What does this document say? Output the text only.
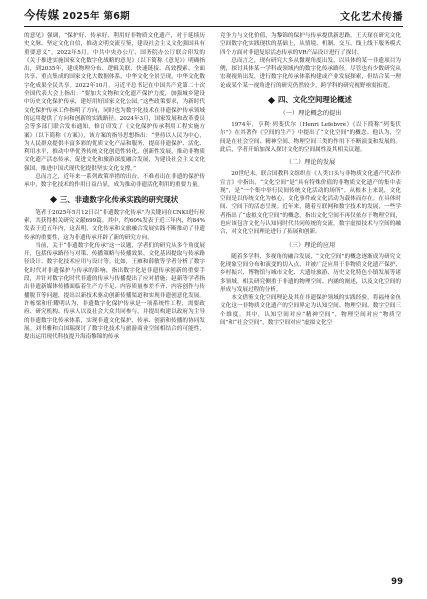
今传媒 2025年 第6期	文化艺术传播

的意见》强调，“保护好、传承好、利用好非物质文化遗产，对于延续历史文脉、坚定文化自信，推动文明交流互鉴，建设社会主义文化强国具有重要意义”。2022年5月，中共中央办公厅、国务院办公厅联合印发的《关于推进实施国家文化数字化战略的意见》（以下简称《意见》）明确指出，到2035年，建成物理分布、逻辑关联、快速链接、高效搜索、全面共享、重点集成的国家文化大数据体系，中华文化全景呈现，中华文化数字化成果全民共享。2022年10月，习近平总书记在中国共产党第二十次全国代表大会上指出：“要加大文物和文化遗产保护力度，加强城乡建设中历史文化保护传承，建好用好国家文化公园。”这些政策要求，为新时代文化保护传承工作指明了方向，同时也为数字化技术在非遗保护传承领域的运用提供了方向和创新的实践路径。2024年3月，国家发展和改革委员会等多部门联合发布通知，修订印发了《文化保护传承利用工程实施方案》（以下简称《方案》），该方案的指导思想指出：“坚持以人民为中心，为人民群众提供丰富多彩的优质文化产品和服务，提高非遗保护、活化、利用水平，推动中华优秀传统文化创造性转化、创新性发展，推动非物质文化遗产活态传承，促进文化和旅游深度融合发展，为建设社会主义文化强国、推进中国式现代化提供坚实文化支撑。”

总而言之，近年来一系列政策举措的出台，不难看出在非遗的保护传承中，数字化技术的作用日益凸显，成为推动非遗活化利用的重要力量。

三、非遗数字化传承实践的研究现状

笔者于2025年5月12日以“非遗数字化传承”为关键词在CNKI进行检索，共获得相关研究文献699篇。其中，约60%发表于近三年内，约84%发表于近五年内，这表明，文化传承和文旅融合发展实践不断推动了非遗传承的重要性，这为非遗传承开辟了新的研究方向。

当前，关于“非遗数字化传承”这一议题，学者们的研究从多个角度展开，包括传承路径与对策、传播策略与传播效果、文化基因提取与传承路径设计、数字化技术应用与设计等。比如，王雁和薛敏等学者分析了数字化时代对非遗保护与传承的影响，指出数字化是非遗传承创新的重要手段，并针对数字化时代非遗的传承与传播提出了应对措施；赵新等学者指出非遗新媒体传播面临着生产力不足、内容质量参差不齐、内容创作与传播脱节等问题，提出以新技术驱动创新传播渠道和实现非遗创意化发展。许栋梁和任耀明认为，非遗数字化保护传承是一项系统性工程，需要政府、研究机构、传承人以及社会大众共同参与，并提出构建以政府为主导的非遗数字化传承体系，实现非遗文化保护、传承、创新和传播的协同发展。刘书雅和白国瑞探讨了数字化技术与旅游商业空间相结合的可能性，提出运用现代科技提升海南黎锦的传承

竞争力与文化价值，为黎锦的保护与传承提供新思路。王天琛在研究文化空间数字化实践现状的基础上，从情境、机制、交互、线上线下服务模式四个方面对非遗复原活态传承的VR产品设计进行了探讨。

总而言之，现有研究大多从微观角度出发，以具体的某一非遗项目为例，探讨具体某一学科或领域内的数字化传承路径。尽管也有少数研究从宏观视角出发，进行数字化传承体系构建或产业发展探索，但结合某一理论或某个某一视角进行的研究仍然较少，跨学科的研究视野亟需拓宽。

四、文化空间理论概述
（一）理论概念的提出

1974年，亨利·列斐伏尔（Henri Lefebvre）《以下简称“列斐伏尔”》在其著作《空间的生产》中提出了“文化空间”的概念。他认为，空间是在社会空间、精神空间、物理空间三类的作用下不断演变和发展的。此后，学者开始加深入探讨文化的空间属性及其相关议题。

（二）理论的发展

20世纪末，联合国教科文组织在《人类口头与非物质文化遗产代表作宣言》中指出，“文化空间”是“具有特殊价值的非物质文化遗产的集中表现”，是“一个集中举行民间传统文化活动的场所”。从根本上来说，文化空间是以传统文化为核心，文化事件或文化活动为载体而存在。在具体时间、空间下的活态呈现。近年来，随着互联网和数字技术的发展，一些学者指出了“虚拟文化空间”的概念，指出文化空间不再仅依存于物理空间，也应该包含文化与认知同时代共同传统的交流，数字虚拟技术与空间的融合，对文化空间理论进行了拓展和创新。

（三）理论的应用

随着多学科、多视角的融合发展，“文化空间”的概念逐渐成为研究文化现象空间分布和演变的切入点，并被广泛应用于非物质文化遗产保护、乡村振兴、博物馆与城市文化、大遗址旅游、历史文化特色小镇发展等诸多领域。相关研究侧重于非遗的物理空间、内涵的阐述，以及文化空间的形成与发展过程的分析。

本文借鉴文化空间理论及其在非遗保护领域的实践经验，将福州金鱼文化这一非物质文化遗产的空间界定为认知空间、物理空间、数字空间三个维度。其中，认知空间对应“精神空间”，物理空间对应“物质空间”和“社会空间”，数字空间对应“虚拟文化空

99
